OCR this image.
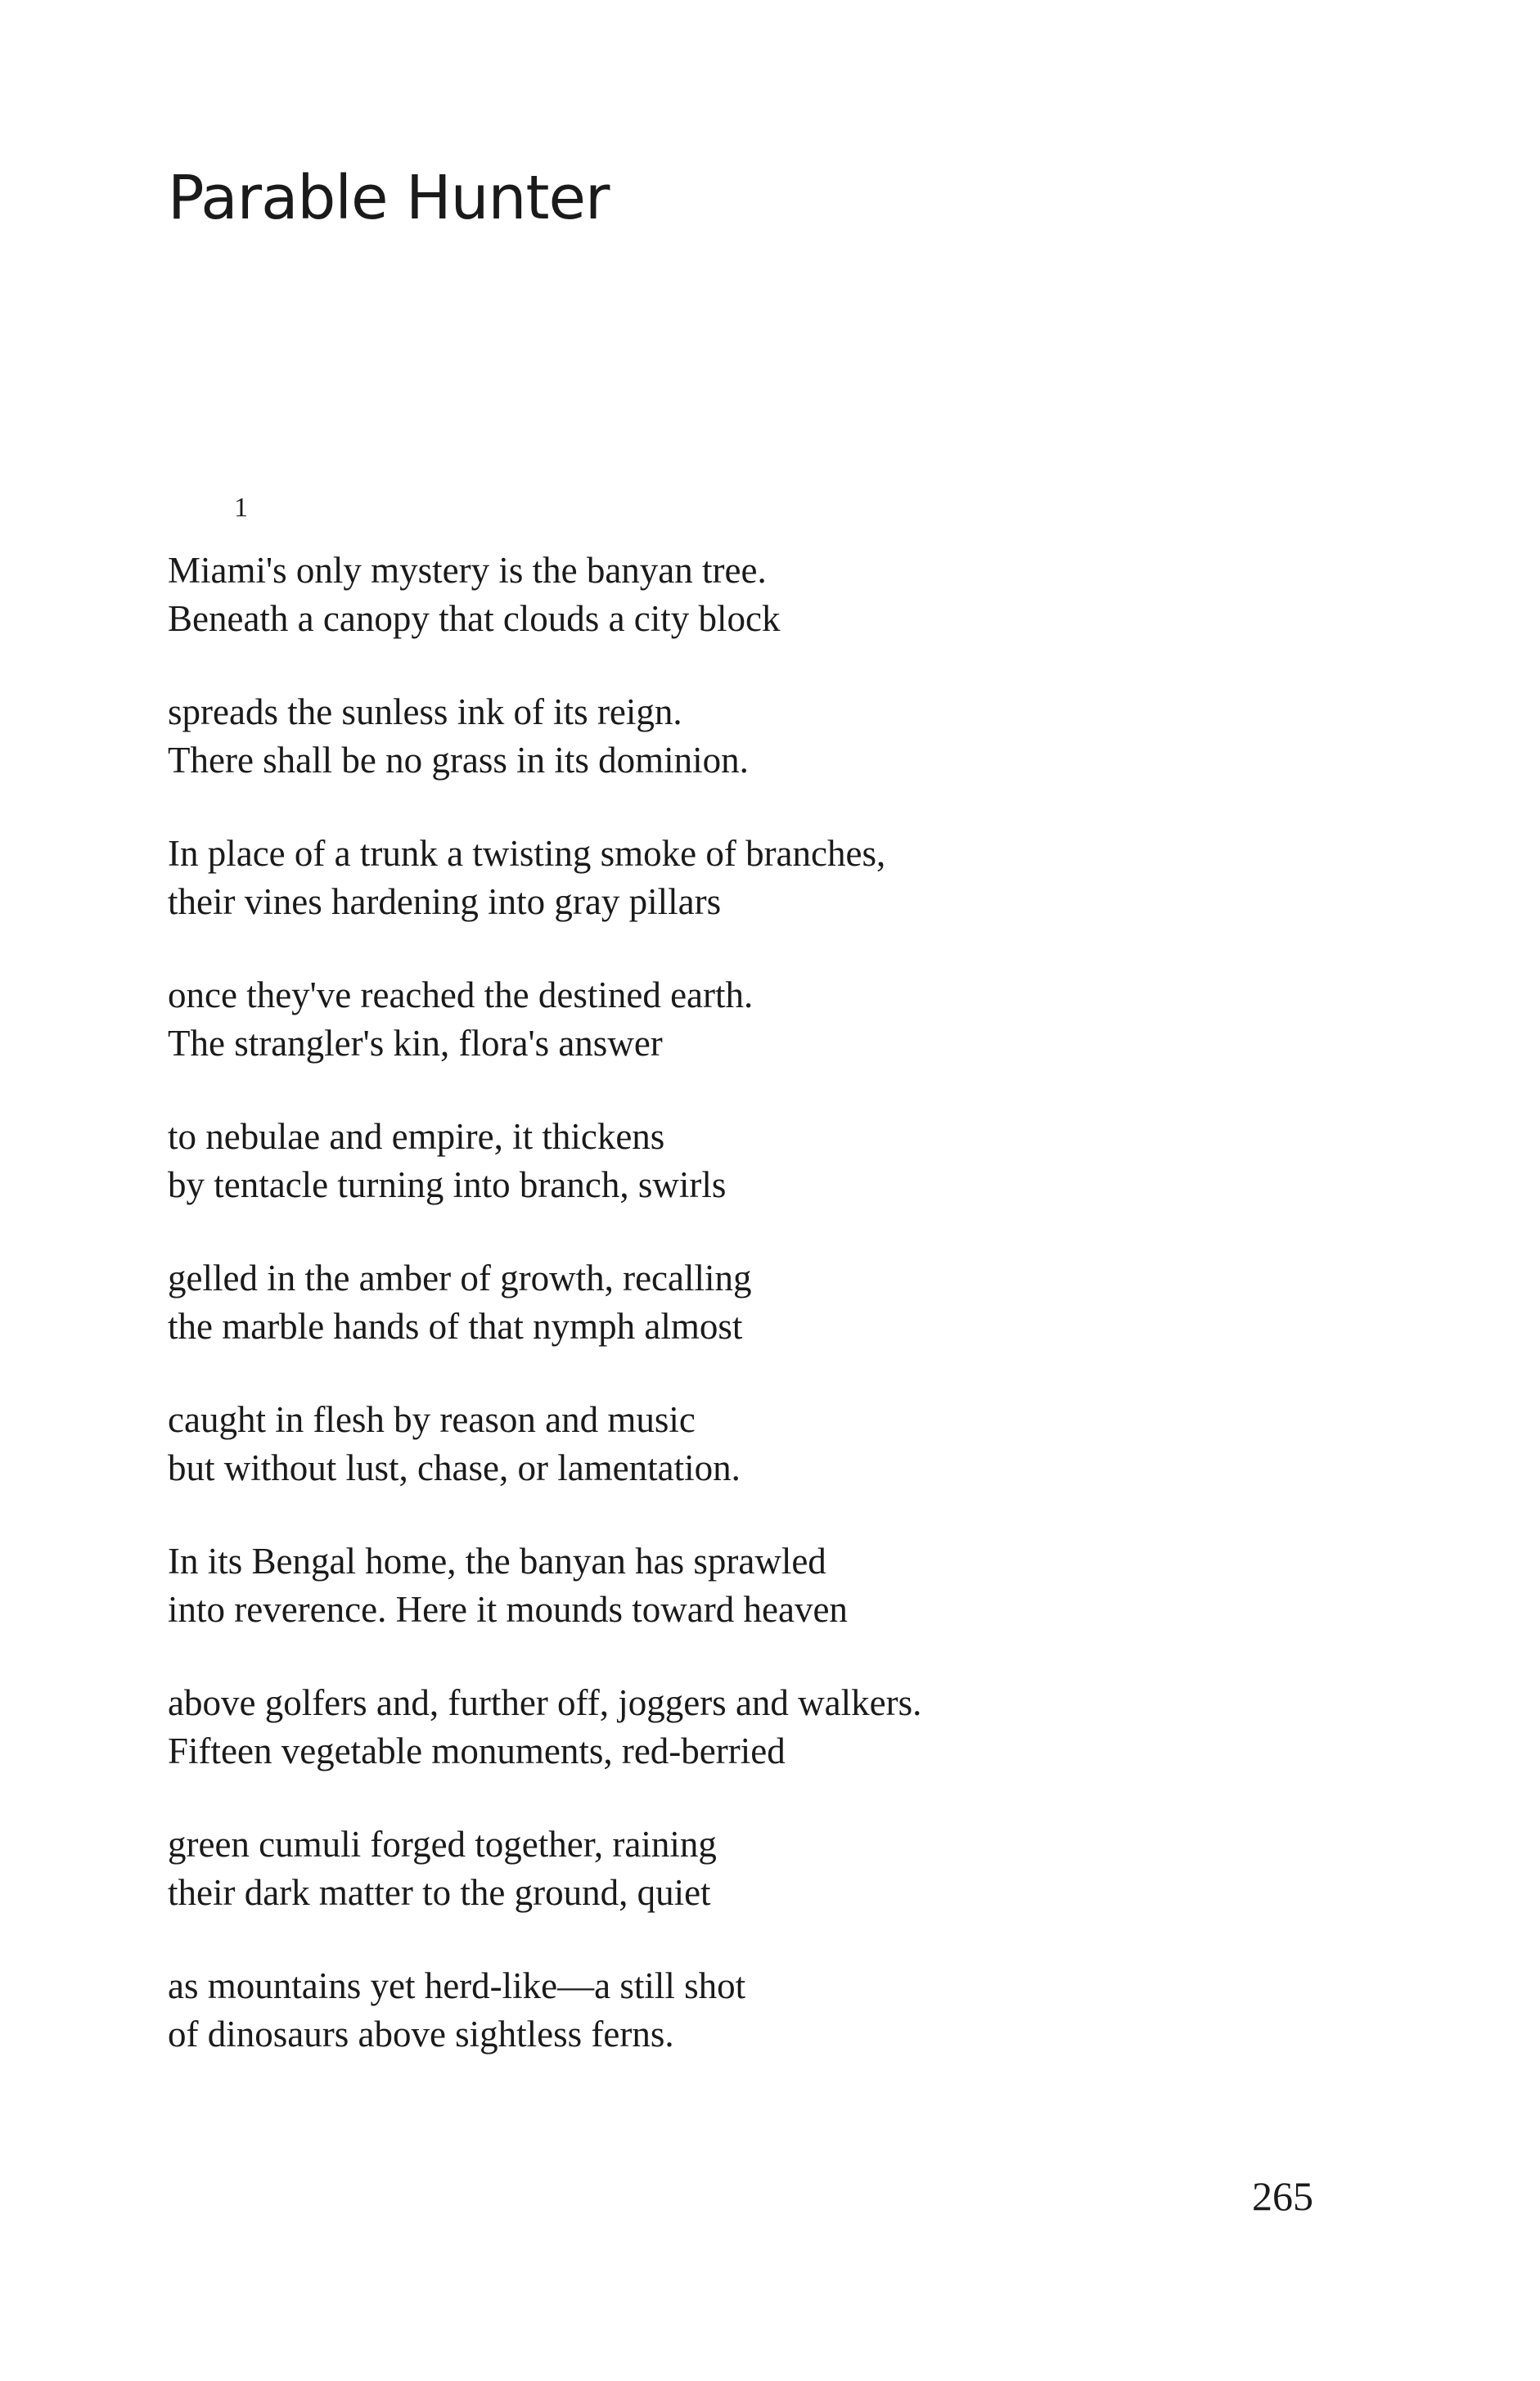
Parable Hunter
1

Miami's only mystery is the banyan tree.
Beneath a canopy that clouds a city block

spreads the sunless ink of its reign.
There shall be no grass in its dominion.

In place of a trunk a twisting smoke of branches,
their vines hardening into gray pillars

once they've reached the destined earth.
The strangler's kin, flora's answer

to nebulae and empire, it thickens
by tentacle turning into branch, swirls

gelled in the amber of growth, recalling
the marble hands of that nymph almost

caught in flesh by reason and music
but without lust, chase, or lamentation.

In its Bengal home, the banyan has sprawled
into reverence. Here it mounds toward heaven

above golfers and, further off, joggers and walkers.
Fifteen vegetable monuments, red-berried

green cumuli forged together, raining
their dark matter to the ground, quiet

as mountains yet herd-like—a still shot
of dinosaurs above sightless ferns.

265
